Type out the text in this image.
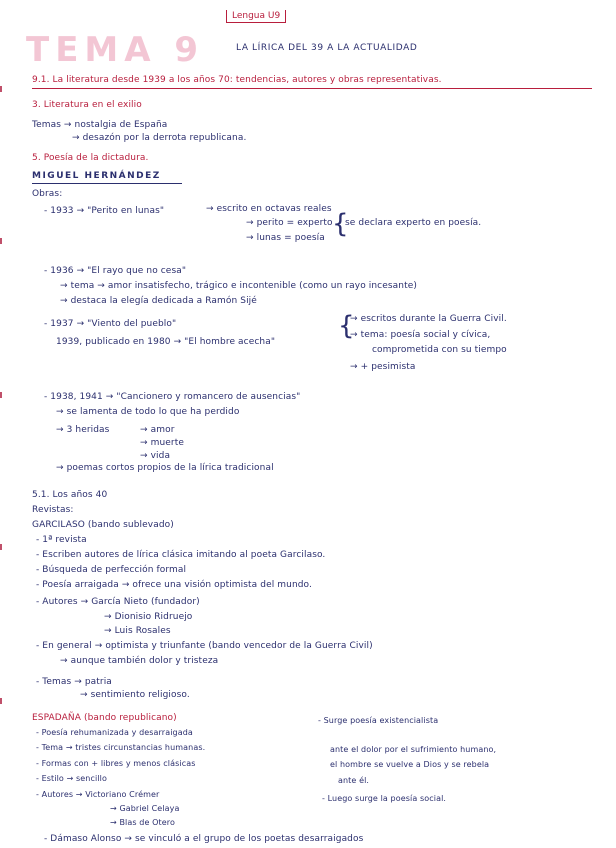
TEMA 9
Lengua U9
LA LÍRICA DEL 39 A LA ACTUALIDAD
9.1. La literatura desde 1939 a los años 70: tendencias, autores y obras representativas.
3. Literatura en el exilio
Temas → nostalgia de España
→ desazón por la derrota republicana.
5. Poesía de la dictadura.
MIGUEL HERNÁNDEZ
Obras:
- 1933 → "Perito en lunas"	→ escrito en octavas reales
→ perito = experto
→ lunas = poesía {
se declara experto en poesía.
- 1936 → "El rayo que no cesa"
→ tema → amor insatisfecho, trágico e incontenible (como un rayo incesante)
→ destaca la elegía dedicada a Ramón Sijé
- 1937 → "Viento del pueblo"
1939, publicado en 1980 → "El hombre acecha"
{
→ escritos durante la Guerra Civil.
→ tema: poesía social y cívica,
comprometida con su tiempo
→ + pesimista
- 1938, 1941 → "Cancionero y romancero de ausencias"
→ se lamenta de todo lo que ha perdido
→ 3 heridas	→ amor
→ muerte
→ vida
→ poemas cortos propios de la lírica tradicional
5.1. Los años 40
Revistas:
GARCILASO (bando sublevado)
- 1ª revista
- Escriben autores de lírica clásica imitando al poeta Garcilaso.
- Búsqueda de perfección formal
- Poesía arraigada → ofrece una visión optimista del mundo.
- Autores → García Nieto (fundador)
→ Dionisio Ridruejo
→ Luis Rosales
- En general → optimista y triunfante (bando vencedor de la Guerra Civil)
→ aunque también dolor y tristeza
- Temas → patria
→ sentimiento religioso.
ESPADAÑA (bando republicano)
- Poesía rehumanizada y desarraigada
- Tema → tristes circunstancias humanas.
- Formas con + libres y menos clásicas
- Estilo → sencillo
- Autores → Victoriano Crémer
→ Gabriel Celaya
→ Blas de Otero
- Dámaso Alonso → se vinculó a el grupo de los poetas desarraigados
- Surge poesía existencialista
ante el dolor por el sufrimiento humano,
el hombre se vuelve a Dios y se rebela
ante él.
- Luego surge la poesía social.
